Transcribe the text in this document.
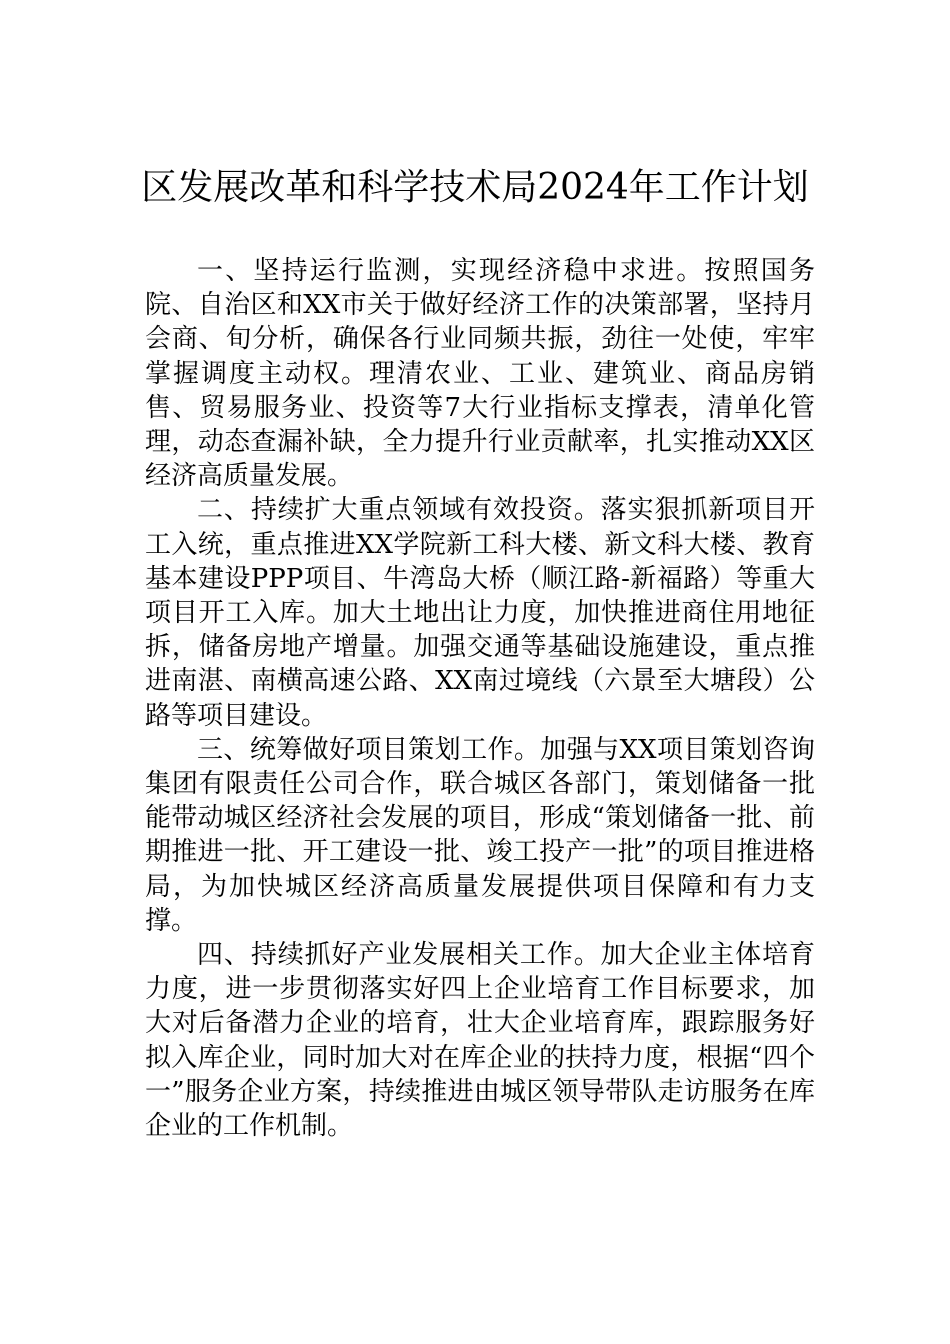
区发展改革和科学技术局2024年工作计划

一、坚持运行监测，实现经济稳中求进。按照国务院、自治区和XX市关于做好经济工作的决策部署，坚持月会商、旬分析，确保各行业同频共振，劲往一处使，牢牢掌握调度主动权。理清农业、工业、建筑业、商品房销售、贸易服务业、投资等7大行业指标支撑表，清单化管理，动态查漏补缺，全力提升行业贡献率，扎实推动XX区经济高质量发展。

二、持续扩大重点领域有效投资。落实狠抓新项目开工入统，重点推进XX学院新工科大楼、新文科大楼、教育基本建设PPP项目、牛湾岛大桥（顺江路-新福路）等重大项目开工入库。加大土地出让力度，加快推进商住用地征拆，储备房地产增量。加强交通等基础设施建设，重点推进南湛、南横高速公路、XX南过境线（六景至大塘段）公路等项目建设。

三、统筹做好项目策划工作。加强与XX项目策划咨询集团有限责任公司合作，联合城区各部门，策划储备一批能带动城区经济社会发展的项目，形成“策划储备一批、前期推进一批、开工建设一批、竣工投产一批”的项目推进格局，为加快城区经济高质量发展提供项目保障和有力支撑。

四、持续抓好产业发展相关工作。加大企业主体培育力度，进一步贯彻落实好四上企业培育工作目标要求，加大对后备潜力企业的培育，壮大企业培育库，跟踪服务好拟入库企业，同时加大对在库企业的扶持力度，根据“四个一”服务企业方案，持续推进由城区领导带队走访服务在库企业的工作机制。
